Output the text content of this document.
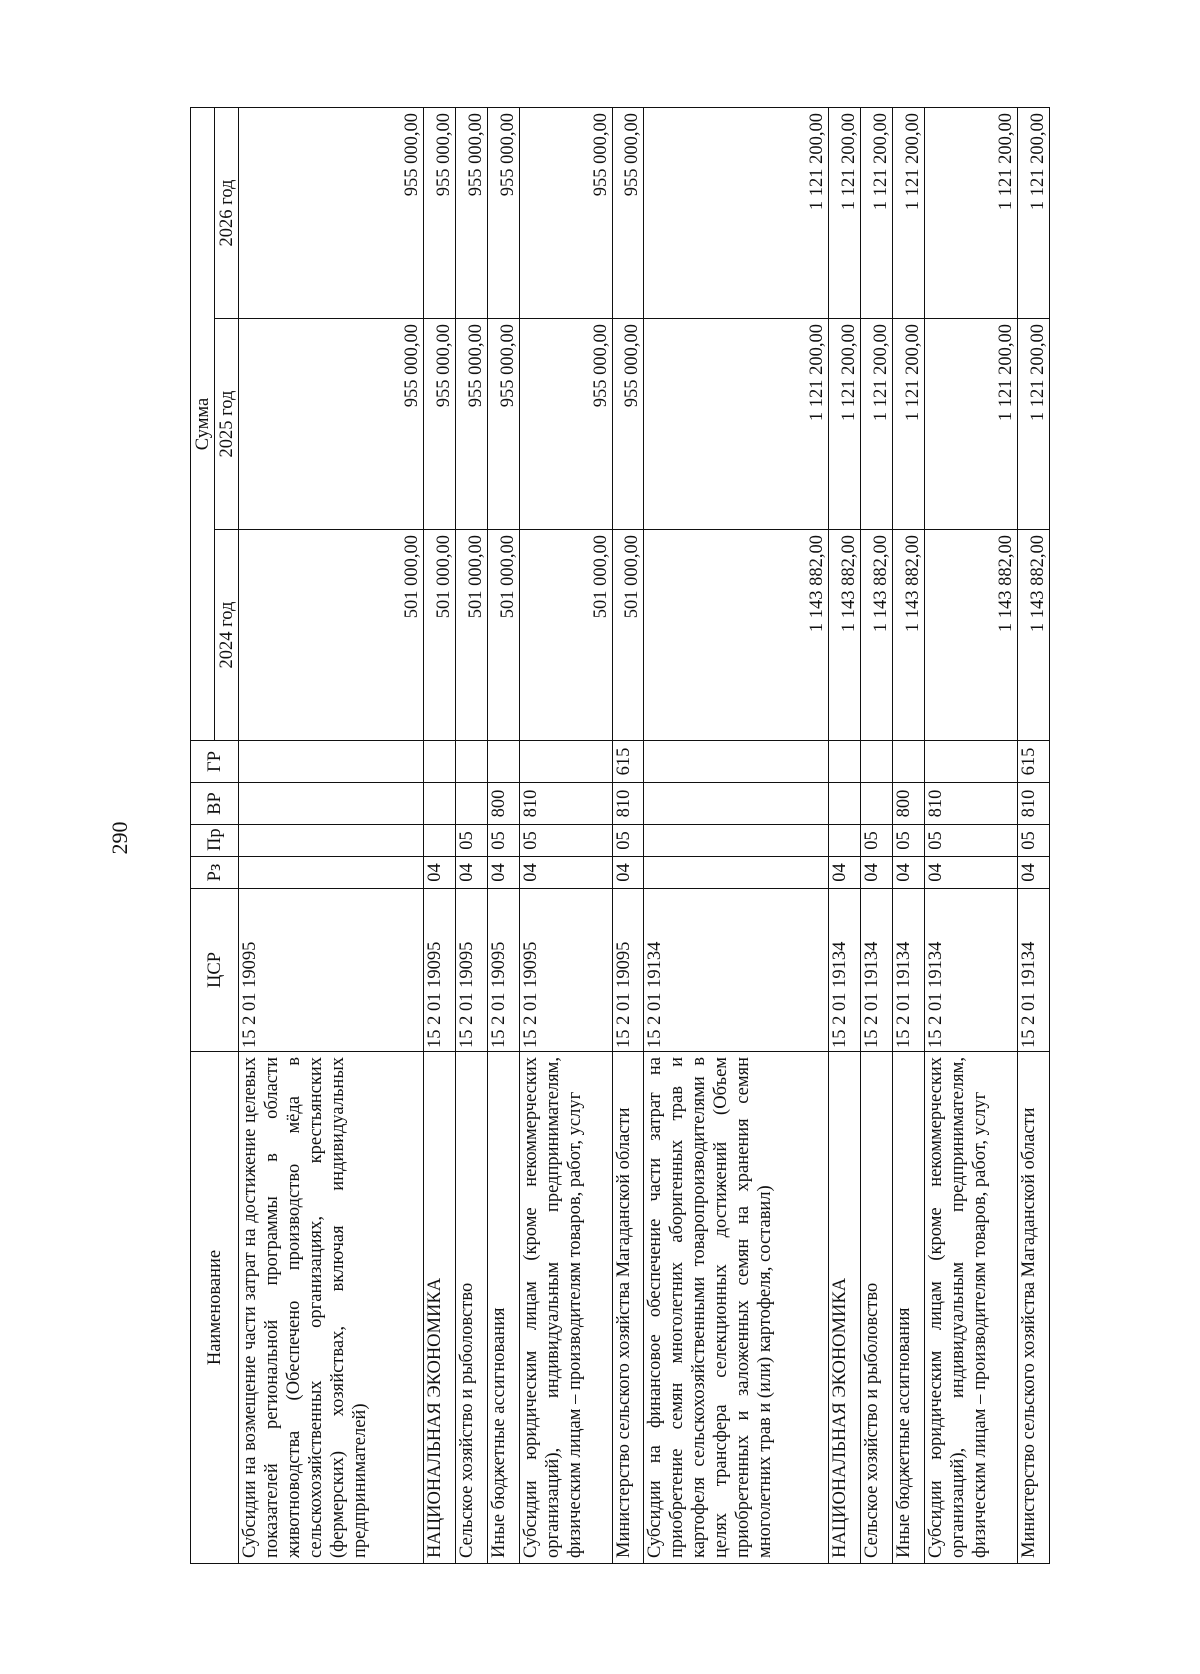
290
Наименование	ЦСР	Рз	Пр	ВР	ГР	Сумма		
						2024 год	2025 год	2026 год
Субсидии на возмещение части затрат на достижение целевых показателей региональной программы в области животноводства (Обеспечено производство мёда в сельскохозяйственных организациях, крестьянских (фермерских) хозяйствах, включая индивидуальных предпринимателей)	15 2 01 19095					501 000,00	955 000,00	955 000,00
НАЦИОНАЛЬНАЯ ЭКОНОМИКА	15 2 01 19095	04				501 000,00	955 000,00	955 000,00
Сельское хозяйство и рыболовство	15 2 01 19095	04	05			501 000,00	955 000,00	955 000,00
Иные бюджетные ассигнования	15 2 01 19095	04	05	800		501 000,00	955 000,00	955 000,00
Субсидии юридическим лицам (кроме некоммерческих организаций), индивидуальным предпринимателям, физическим лицам – производителям товаров, работ, услуг	15 2 01 19095	04	05	810		501 000,00	955 000,00	955 000,00
Министерство сельского хозяйства Магаданской области	15 2 01 19095	04	05	810	615	501 000,00	955 000,00	955 000,00
Субсидии на финансовое обеспечение части затрат на приобретение семян многолетних аборигенных трав и картофеля сельскохозяйственными товаропроизводителями в целях трансфера селекционных достижений (Объем приобретенных и заложенных семян на хранения семян многолетних трав и (или) картофеля, составил)	15 2 01 19134					1 143 882,00	1 121 200,00	1 121 200,00
НАЦИОНАЛЬНАЯ ЭКОНОМИКА	15 2 01 19134	04				1 143 882,00	1 121 200,00	1 121 200,00
Сельское хозяйство и рыболовство	15 2 01 19134	04	05			1 143 882,00	1 121 200,00	1 121 200,00
Иные бюджетные ассигнования	15 2 01 19134	04	05	800		1 143 882,00	1 121 200,00	1 121 200,00
Субсидии юридическим лицам (кроме некоммерческих организаций), индивидуальным предпринимателям, физическим лицам – производителям товаров, работ, услуг	15 2 01 19134	04	05	810		1 143 882,00	1 121 200,00	1 121 200,00
Министерство сельского хозяйства Магаданской области	15 2 01 19134	04	05	810	615	1 143 882,00	1 121 200,00	1 121 200,00
